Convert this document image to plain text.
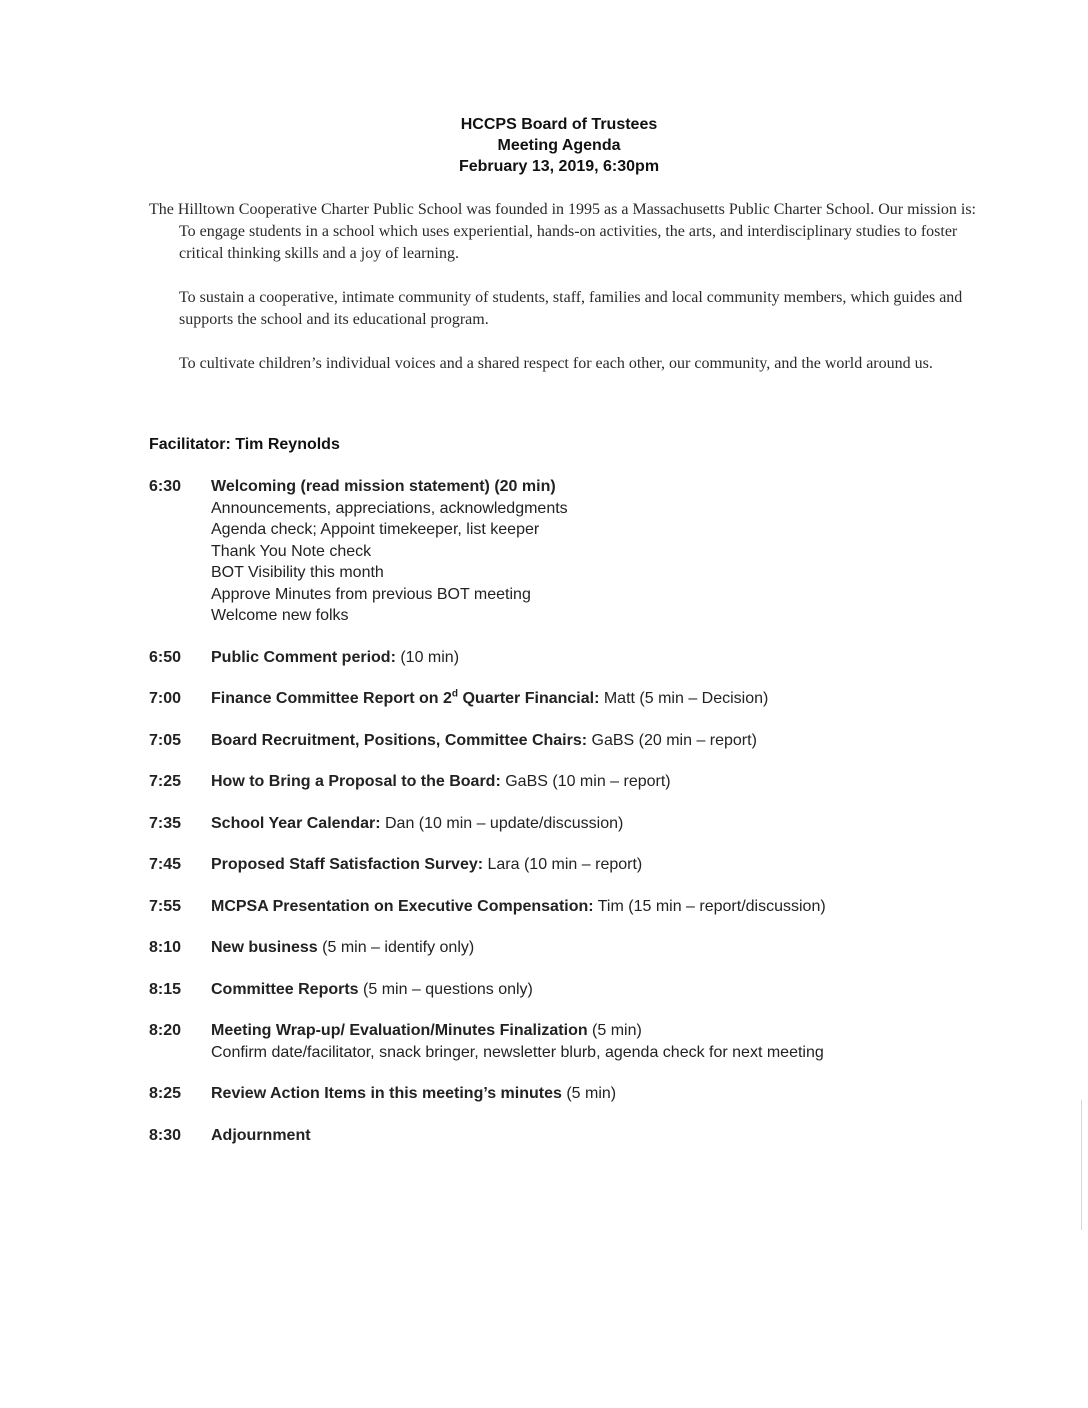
HCCPS Board of Trustees
Meeting Agenda
February 13, 2019, 6:30pm

The Hilltown Cooperative Charter Public School was founded in 1995 as a Massachusetts Public Charter School. Our mission is:

To engage students in a school which uses experiential, hands-on activities, the arts, and interdisciplinary studies to foster critical thinking skills and a joy of learning.

To sustain a cooperative, intimate community of students, staff, families and local community members, which guides and supports the school and its educational program.

To cultivate children’s individual voices and a shared respect for each other, our community, and the world around us.

Facilitator: Tim Reynolds
6:30	Welcoming (read mission statement) (20 min)
Announcements, appreciations, acknowledgments
Agenda check; Appoint timekeeper, list keeper
Thank You Note check
BOT Visibility this month
Approve Minutes from previous BOT meeting
Welcome new folks
6:50	Public Comment period: (10 min)
7:00	Finance Committee Report on 2$^d$ Quarter Financial: Matt (5 min – Decision)
7:05	Board Recruitment, Positions, Committee Chairs: GaBS (20 min – report)
7:25	How to Bring a Proposal to the Board: GaBS (10 min – report)
7:35	School Year Calendar: Dan (10 min – update/discussion)
7:45	Proposed Staff Satisfaction Survey: Lara (10 min – report)
7:55	MCPSA Presentation on Executive Compensation: Tim (15 min – report/discussion)
8:10	New business (5 min – identify only)
8:15	Committee Reports (5 min – questions only)
8:20	Meeting Wrap-up/ Evaluation/Minutes Finalization (5 min)
Confirm date/facilitator, snack bringer, newsletter blurb, agenda check for next meeting
8:25	Review Action Items in this meeting’s minutes (5 min)
8:30	Adjournment
